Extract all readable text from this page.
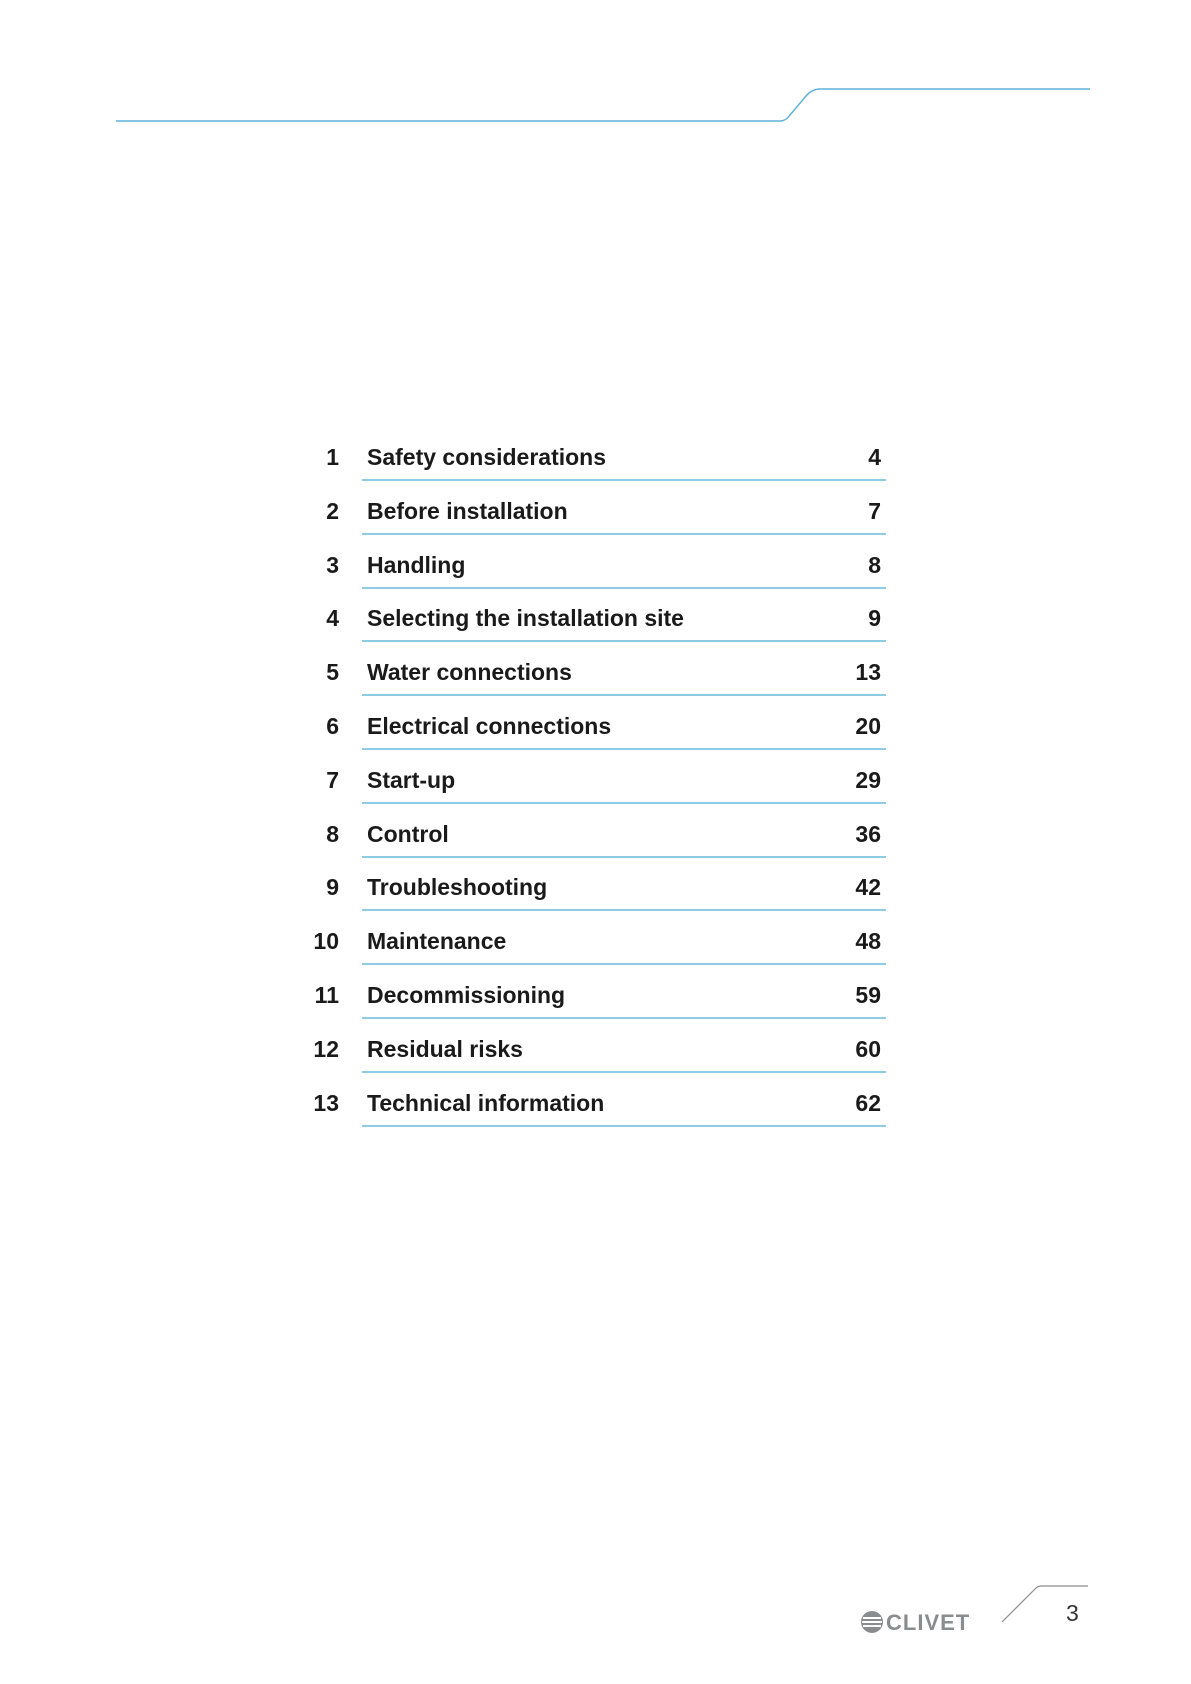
1 Safety considerations	4
2 Before installation	7
3 Handling	8
4 Selecting the installation site	9
5 Water connections	13
6 Electrical connections	20
7 Start-up	29
8 Control	36
9 Troubleshooting	42
10 Maintenance	48
11 Decommissioning	59
12 Residual risks	60
13 Technical information	62
CLIVET	3
